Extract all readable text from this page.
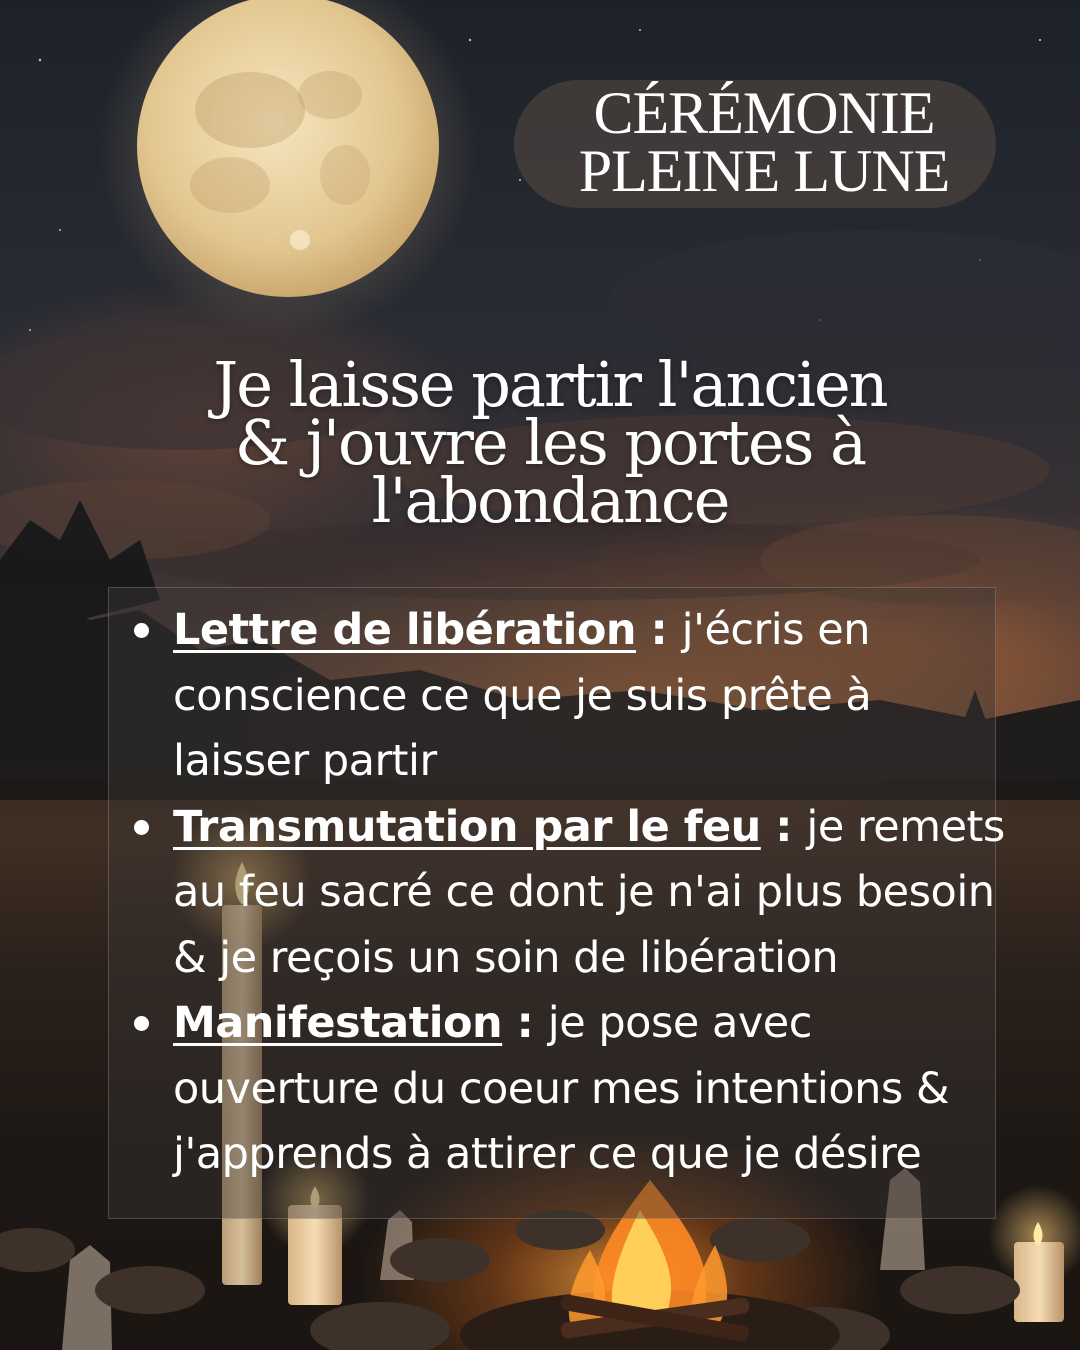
CÉRÉMONIE
PLEINE LUNE
Je laisse partir l'ancien
& j'ouvre les portes à
l'abondance
Lettre de libération : j'écris en conscience ce que je suis prête à laisser partir
Transmutation par le feu : je remets au feu sacré ce dont je n'ai plus besoin & je reçois un soin de libération
Manifestation : je pose avec ouverture du coeur mes intentions & j'apprends à attirer ce que je désire
